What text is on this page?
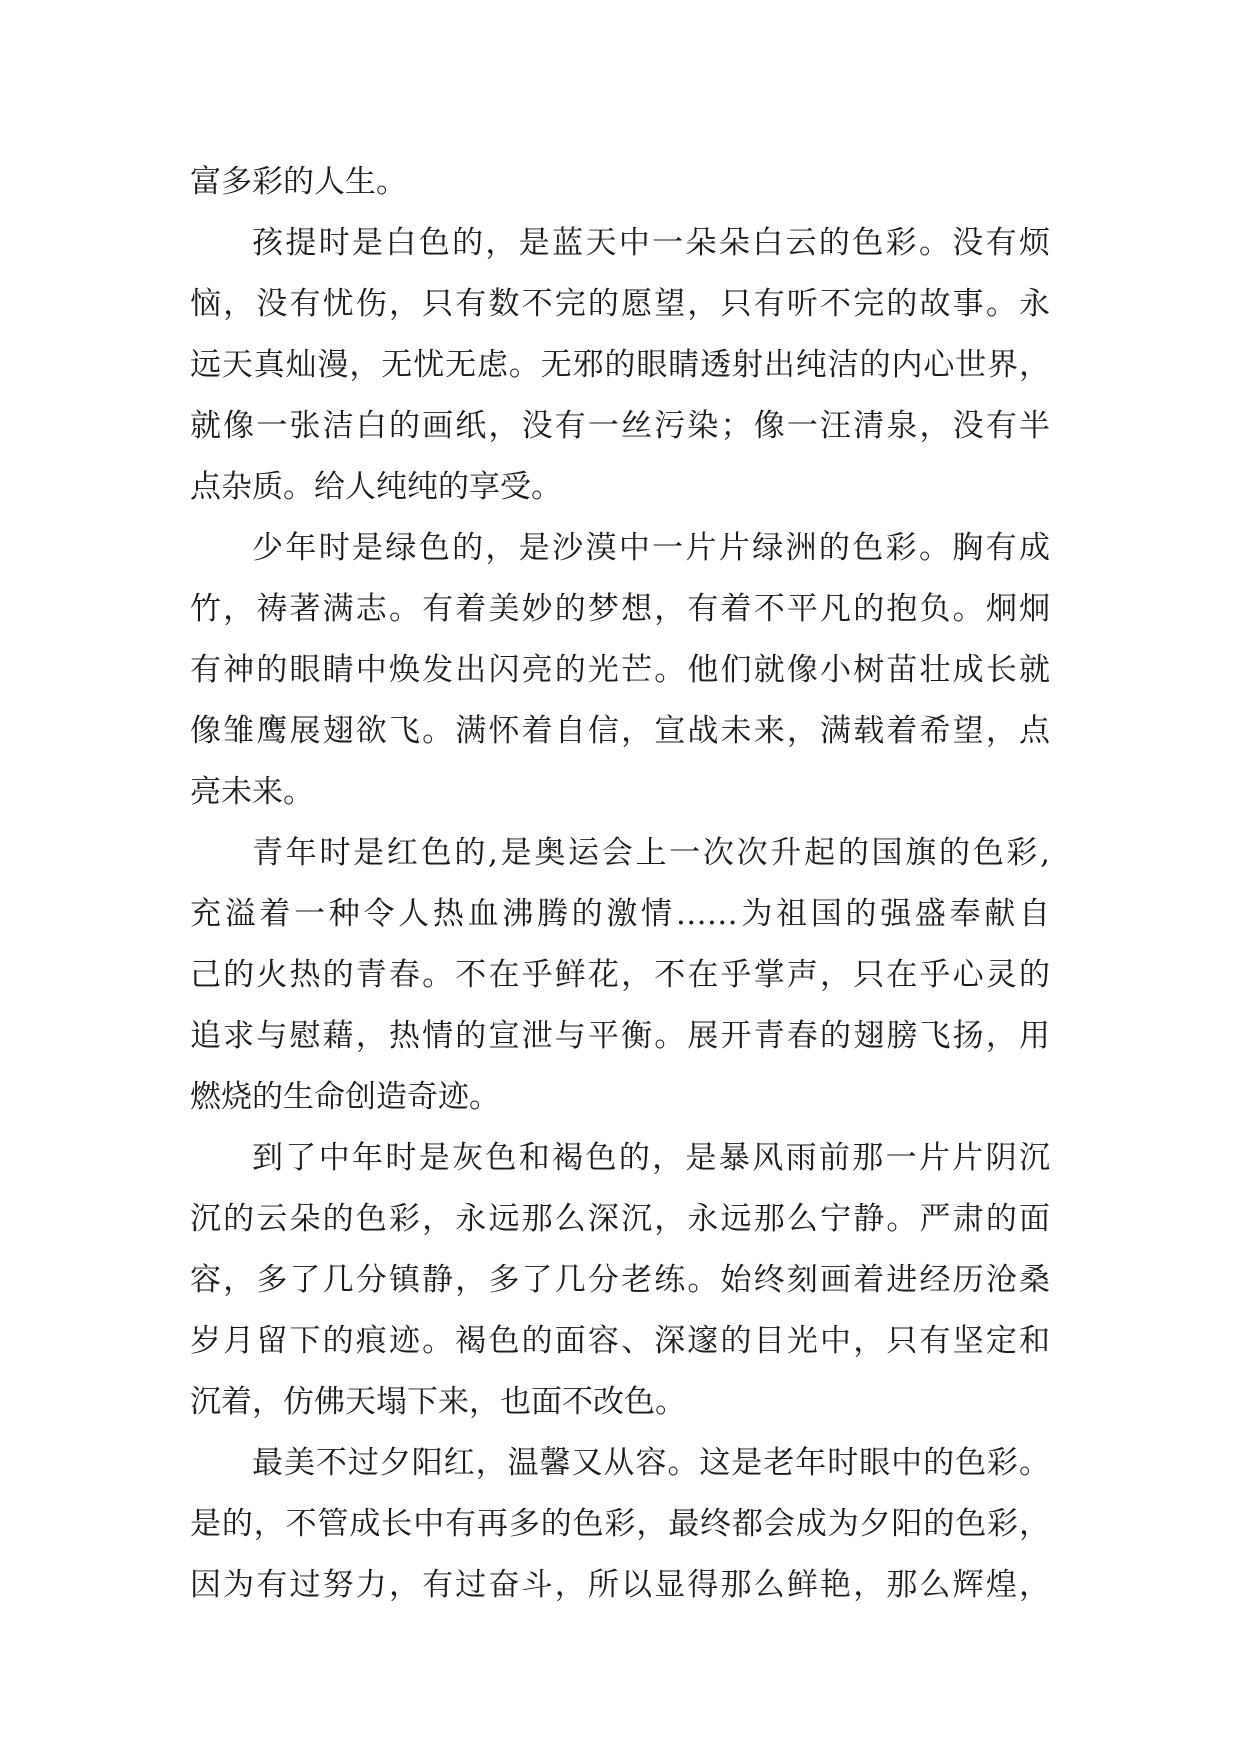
富多彩的人生。
孩提时是白色的，是蓝天中一朵朵白云的色彩。没有烦
恼，没有忧伤，只有数不完的愿望，只有听不完的故事。永
远天真灿漫，无忧无虑。无邪的眼睛透射出纯洁的内心世界，
就像一张洁白的画纸，没有一丝污染；像一汪清泉，没有半
点杂质。给人纯纯的享受。
少年时是绿色的，是沙漠中一片片绿洲的色彩。胸有成
竹，祷著满志。有着美妙的梦想，有着不平凡的抱负。炯炯
有神的眼睛中焕发出闪亮的光芒。他们就像小树苗壮成长就
像雏鹰展翅欲飞。满怀着自信，宣战未来，满载着希望，点
亮未来。
青年时是红色的,是奥运会上一次次升起的国旗的色彩,
充溢着一种令人热血沸腾的激情……为祖国的强盛奉献自
己的火热的青春。不在乎鲜花，不在乎掌声，只在乎心灵的
追求与慰藉，热情的宣泄与平衡。展开青春的翅膀飞扬，用
燃烧的生命创造奇迹。
到了中年时是灰色和褐色的，是暴风雨前那一片片阴沉
沉的云朵的色彩，永远那么深沉，永远那么宁静。严肃的面
容，多了几分镇静，多了几分老练。始终刻画着进经历沧桑
岁月留下的痕迹。褐色的面容、深邃的目光中，只有坚定和
沉着，仿佛天塌下来，也面不改色。
最美不过夕阳红，温馨又从容。这是老年时眼中的色彩。
是的，不管成长中有再多的色彩，最终都会成为夕阳的色彩，
因为有过努力，有过奋斗，所以显得那么鲜艳，那么辉煌，
